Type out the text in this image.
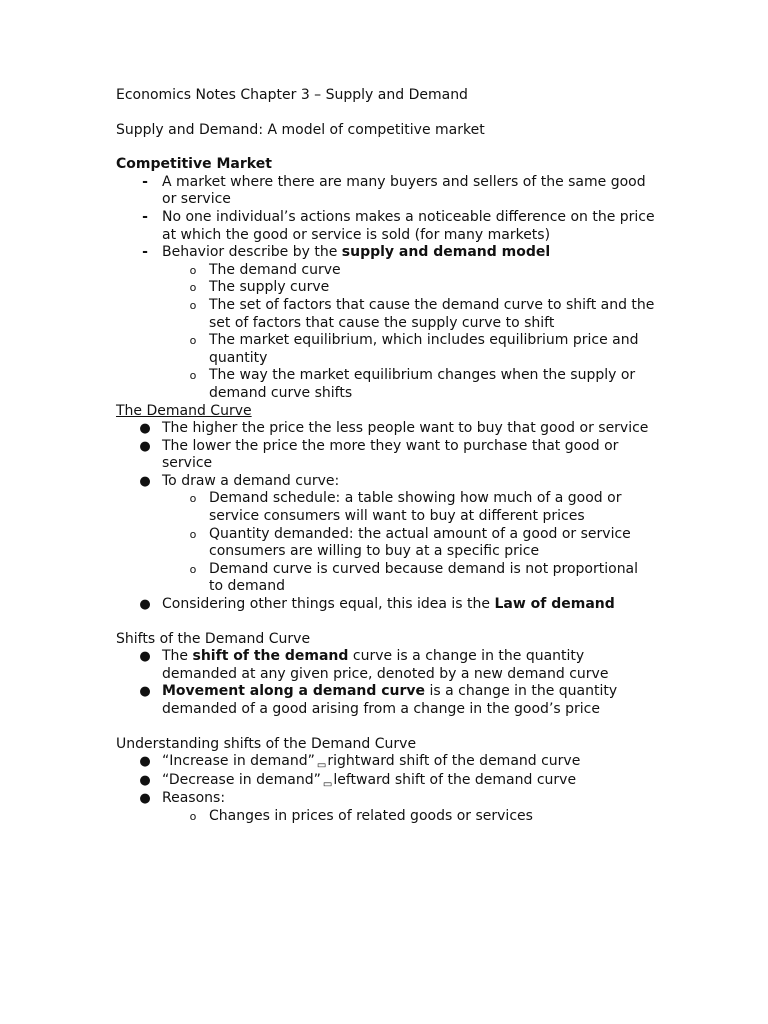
Economics Notes Chapter 3 – Supply and Demand

Supply and Demand: A model of competitive market

Competitive Market

- A market where there are many buyers and sellers of the same good or service
- No one individual’s actions makes a noticeable difference on the price at which the good or service is sold (for many markets)
- Behavior describe by the supply and demand model
o The demand curve
o The supply curve
o The set of factors that cause the demand curve to shift and the set of factors that cause the supply curve to shift
o The market equilibrium, which includes equilibrium price and quantity
o The way the market equilibrium changes when the supply or demand curve shifts

The Demand Curve

● The higher the price the less people want to buy that good or service
● The lower the price the more they want to purchase that good or service
● To draw a demand curve:
o Demand schedule: a table showing how much of a good or service consumers will want to buy at different prices
o Quantity demanded: the actual amount of a good or service consumers are willing to buy at a specific price
o Demand curve is curved because demand is not proportional to demand
● Considering other things equal, this idea is the Law of demand

Shifts of the Demand Curve

● The shift of the demand curve is a change in the quantity demanded at any given price, denoted by a new demand curve
● Movement along a demand curve is a change in the quantity demanded of a good arising from a change in the good’s price

Understanding shifts of the Demand Curve

● “Increase in demand” ▭ rightward shift of the demand curve
● “Decrease in demand” ▭ leftward shift of the demand curve
● Reasons:
o Changes in prices of related goods or services
